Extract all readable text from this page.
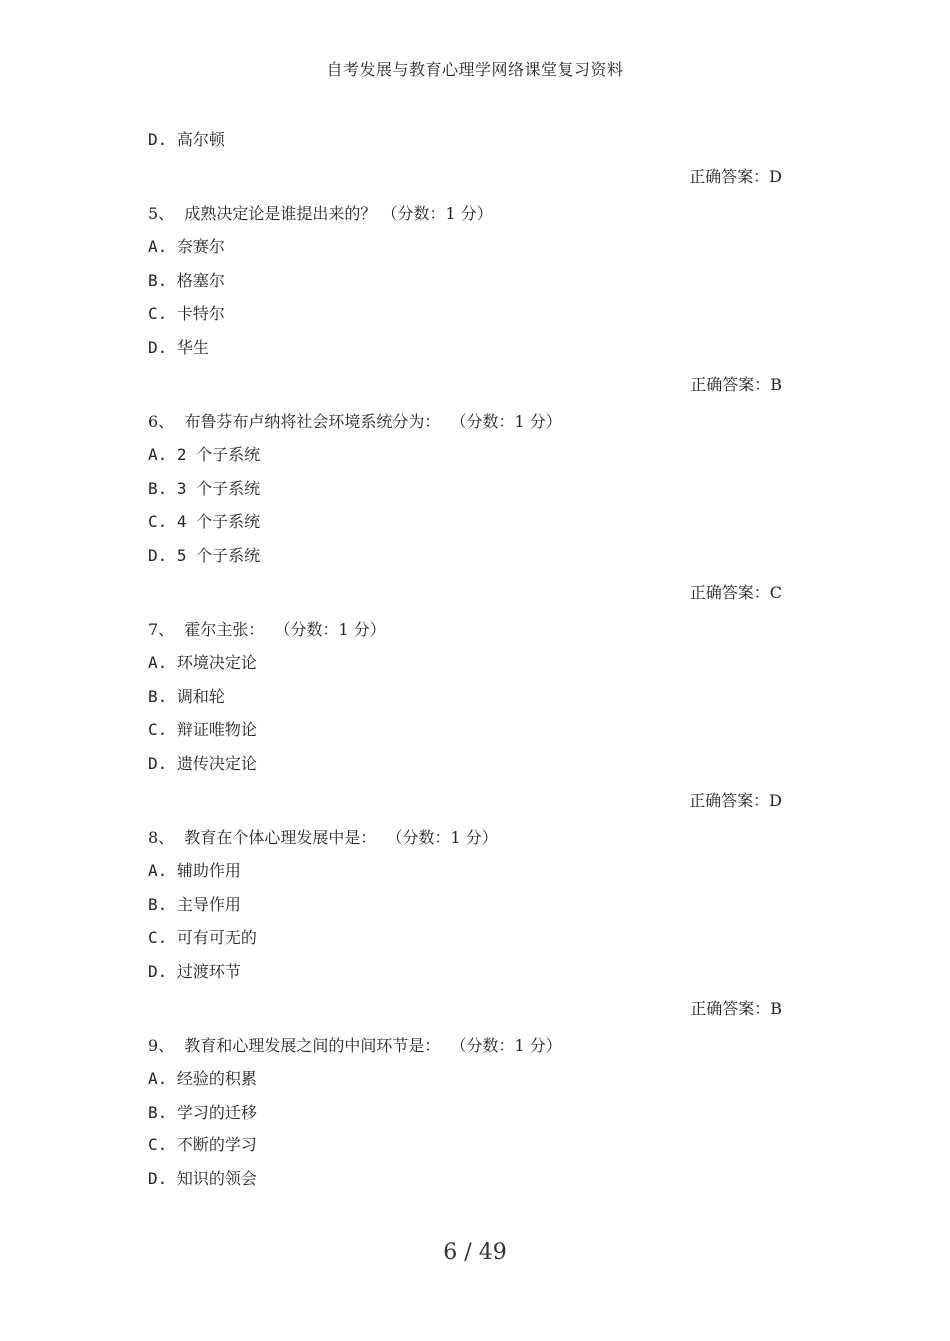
自考发展与教育心理学网络课堂复习资料
D. 高尔顿
正确答案：D
5、  成熟决定论是谁提出来的？ （分数：1 分）
A. 奈赛尔
B. 格塞尔
C. 卡特尔
D. 华生
正确答案：B
6、  布鲁芬布卢纳将社会环境系统分为：  （分数：1 分）
A. 2 个子系统
B. 3 个子系统
C. 4 个子系统
D. 5 个子系统
正确答案：C
7、  霍尔主张：  （分数：1 分）
A. 环境决定论
B. 调和轮
C. 辩证唯物论
D. 遗传决定论
正确答案：D
8、  教育在个体心理发展中是：  （分数：1 分）
A. 辅助作用
B. 主导作用
C. 可有可无的
D. 过渡环节
正确答案：B
9、  教育和心理发展之间的中间环节是：  （分数：1 分）
A. 经验的积累
B. 学习的迁移
C. 不断的学习
D. 知识的领会
6 / 49
